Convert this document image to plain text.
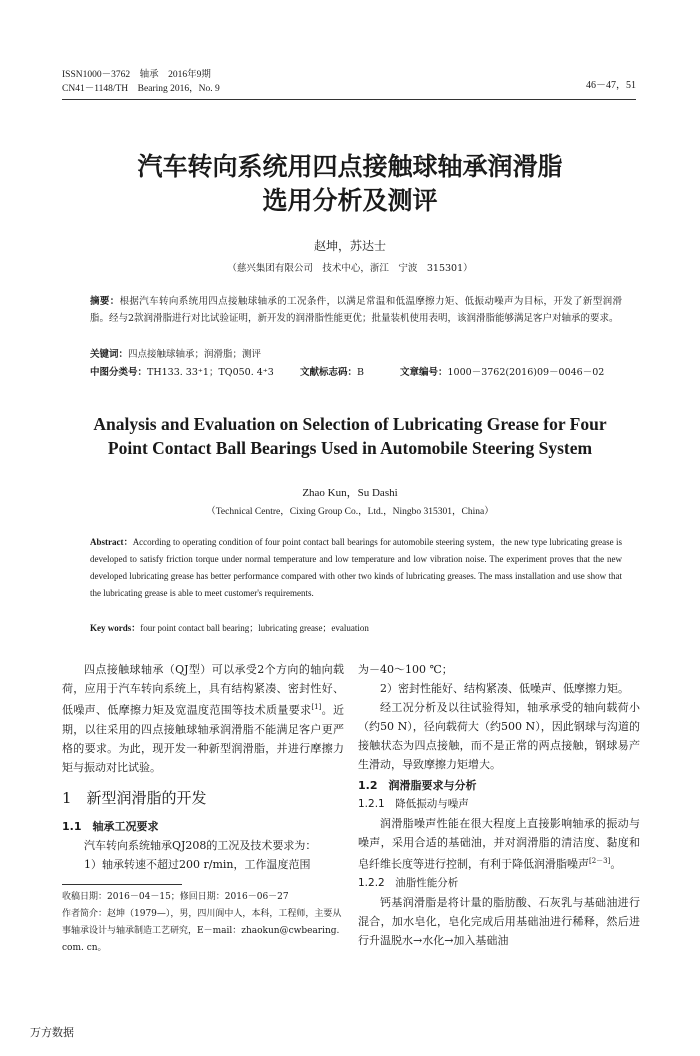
ISSN1000－3762　轴承　2016年9期
CN41－1148/TH　Bearing 2016，No. 9	46－47，51
汽车转向系统用四点接触球轴承润滑脂
选用分析及测评
赵坤，苏达士
（慈兴集团有限公司　技术中心，浙江　宁波　315301）
摘要：根据汽车转向系统用四点接触球轴承的工况条件，以满足常温和低温摩擦力矩、低振动噪声为目标，开发了新型润滑脂。经与2款润滑脂进行对比试验证明，新开发的润滑脂性能更优；批量装机使用表明，该润滑脂能够满足客户对轴承的要求。
关键词：四点接触球轴承；润滑脂；测评
中图分类号：TH133. 33⁺1；TQ050. 4⁺3	文献标志码：B	文章编号：1000－3762(2016)09－0046－02
Analysis and Evaluation on Selection of Lubricating Grease for Four
Point Contact Ball Bearings Used in Automobile Steering System
Zhao Kun，Su Dashi
（Technical Centre，Cixing Group Co.，Ltd.，Ningbo 315301，China）
Abstract：According to operating condition of four point contact ball bearings for automobile steering system，the new type lubricating grease is developed to satisfy friction torque under normal temperature and low temperature and low vibration noise. The experiment proves that the new developed lubricating grease has better performance compared with other two kinds of lubricating greases. The mass installation and use show that the lubricating grease is able to meet customer's requirements.
Key words：four point contact ball bearing；lubricating grease；evaluation

四点接触球轴承（QJ型）可以承受2个方向的轴向载荷，应用于汽车转向系统上，具有结构紧凑、密封性好、低噪声、低摩擦力矩及宽温度范围等技术质量要求[1]。近期，以往采用的四点接触球轴承润滑脂不能满足客户更严格的要求。为此，现开发一种新型润滑脂，并进行摩擦力矩与振动对比试验。

1　新型润滑脂的开发
1.1　轴承工况要求

汽车转向系统轴承QJ208的工况及技术要求为：

1）轴承转速不超过200 r/min，工作温度范围

收稿日期：2016－04－15；修回日期：2016－06－27
作者简介：赵坤（1979—），男，四川阆中人，本科，工程师，主要从事轴承设计与轴承制造工艺研究，E－mail：zhaokun@cwbearing. com. cn。

为－40～100 ℃；

2）密封性能好、结构紧凑、低噪声、低摩擦力矩。

经工况分析及以往试验得知，轴承承受的轴向载荷小（约50 N），径向载荷大（约500 N），因此钢球与沟道的接触状态为四点接触，而不是正常的两点接触，钢球易产生滑动，导致摩擦力矩增大。

1.2　润滑脂要求与分析
1.2.1　降低振动与噪声

润滑脂噪声性能在很大程度上直接影响轴承的振动与噪声，采用合适的基础油，并对润滑脂的清洁度、黏度和皂纤维长度等进行控制，有利于降低润滑脂噪声[2－3]。

1.2.2　油脂性能分析

钙基润滑脂是将计量的脂肪酸、石灰乳与基础油进行混合，加水皂化，皂化完成后用基础油进行稀释，然后进行升温脱水→水化→加入基础油

万方数据
